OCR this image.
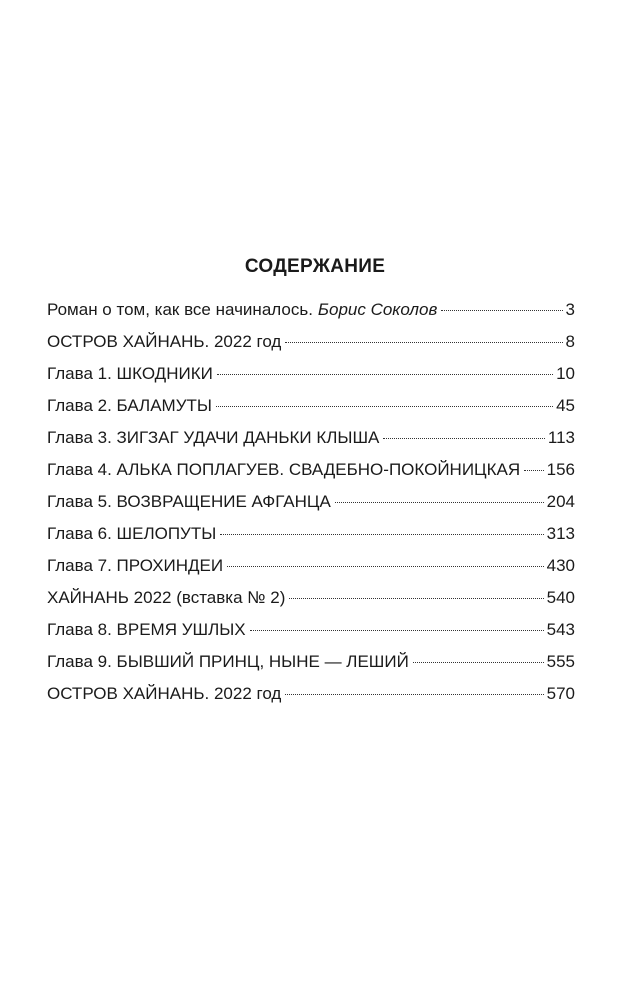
СОДЕРЖАНИЕ
Роман о том, как все начиналось. Борис Соколов	3
ОСТРОВ ХАЙНАНЬ. 2022 год	8
Глава 1. ШКОДНИКИ	10
Глава 2. БАЛАМУТЫ	45
Глава 3. ЗИГЗАГ УДАЧИ ДАНЬКИ КЛЫША	113
Глава 4. АЛЬКА ПОПЛАГУЕВ. СВАДЕБНО-ПОКОЙНИЦКАЯ 156
Глава 5. ВОЗВРАЩЕНИЕ АФГАНЦА	204
Глава 6. ШЕЛОПУТЫ	313
Глава 7. ПРОХИНДЕИ	430
ХАЙНАНЬ 2022 (вставка № 2)	540
Глава 8. ВРЕМЯ УШЛЫХ	543
Глава 9. БЫВШИЙ ПРИНЦ, НЫНЕ — ЛЕШИЙ	555
ОСТРОВ ХАЙНАНЬ. 2022 год	570
